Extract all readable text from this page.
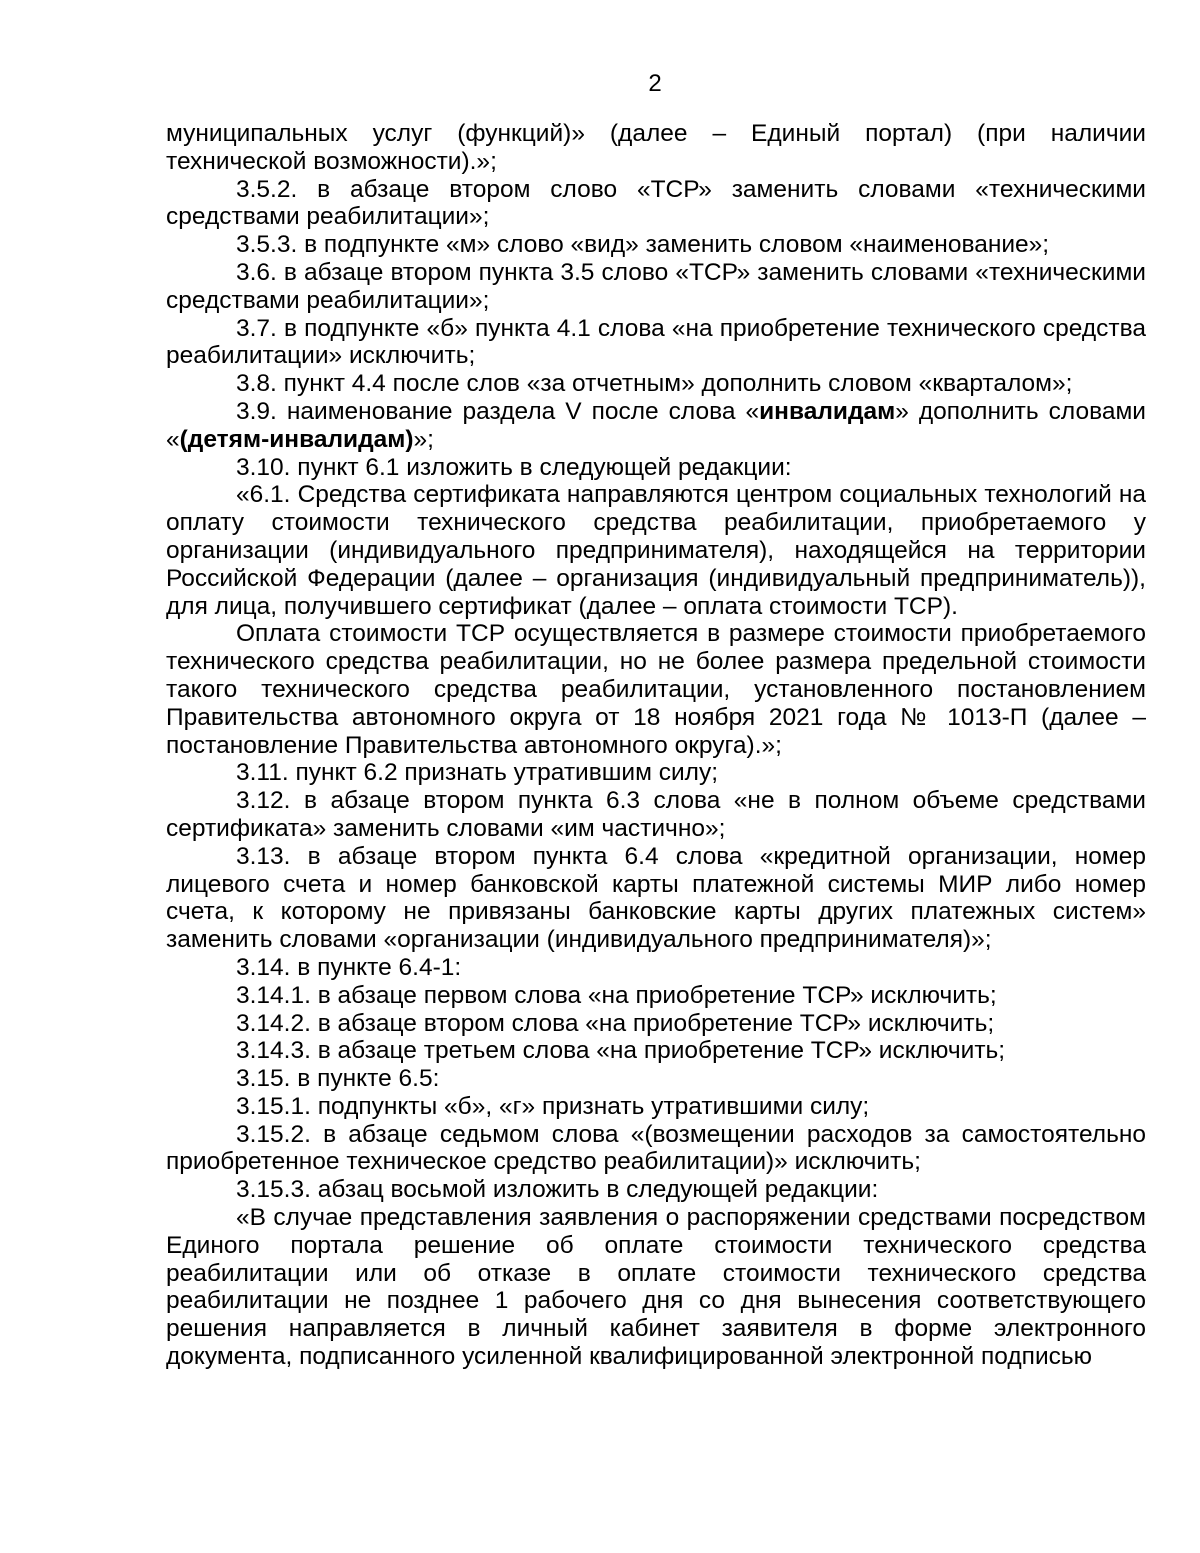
2

муниципальных услуг (функций)» (далее – Единый портал) (при наличии технической возможности).»;

3.5.2. в абзаце втором слово «ТСР» заменить словами «техническими средствами реабилитации»;

3.5.3. в подпункте «м» слово «вид» заменить словом «наименование»;

3.6. в абзаце втором пункта 3.5 слово «ТСР» заменить словами «техническими средствами реабилитации»;

3.7. в подпункте «б» пункта 4.1 слова «на приобретение технического средства реабилитации» исключить;

3.8. пункт 4.4 после слов «за отчетным» дополнить словом «кварталом»;

3.9. наименование раздела V после слова «инвалидам» дополнить словами «(детям-инвалидам)»;

3.10. пункт 6.1 изложить в следующей редакции:

«6.1. Средства сертификата направляются центром социальных технологий на оплату стоимости технического средства реабилитации, приобретаемого у организации (индивидуального предпринимателя), находящейся на территории Российской Федерации (далее – организация (индивидуальный предприниматель)), для лица, получившего сертификат (далее – оплата стоимости ТСР).

Оплата стоимости ТСР осуществляется в размере стоимости приобретаемого технического средства реабилитации, но не более размера предельной стоимости такого технического средства реабилитации, установленного постановлением Правительства автономного округа от 18 ноября 2021 года № 1013-П (далее – постановление Правительства автономного округа).»;

3.11. пункт 6.2 признать утратившим силу;

3.12. в абзаце втором пункта 6.3 слова «не в полном объеме средствами сертификата» заменить словами «им частично»;

3.13. в абзаце втором пункта 6.4 слова «кредитной организации, номер лицевого счета и номер банковской карты платежной системы МИР либо номер счета, к которому не привязаны банковские карты других платежных систем» заменить словами «организации (индивидуального предпринимателя)»;

3.14. в пункте 6.4-1:

3.14.1. в абзаце первом слова «на приобретение ТСР» исключить;

3.14.2. в абзаце втором слова «на приобретение ТСР» исключить;

3.14.3. в абзаце третьем слова «на приобретение ТСР» исключить;

3.15. в пункте 6.5:

3.15.1. подпункты «б», «г» признать утратившими силу;

3.15.2. в абзаце седьмом слова «(возмещении расходов за самостоятельно приобретенное техническое средство реабилитации)» исключить;

3.15.3. абзац восьмой изложить в следующей редакции:

«В случае представления заявления о распоряжении средствами посредством Единого портала решение об оплате стоимости технического средства реабилитации или об отказе в оплате стоимости технического средства реабилитации не позднее 1 рабочего дня со дня вынесения соответствующего решения направляется в личный кабинет заявителя в форме электронного документа, подписанного усиленной квалифицированной электронной подписью
